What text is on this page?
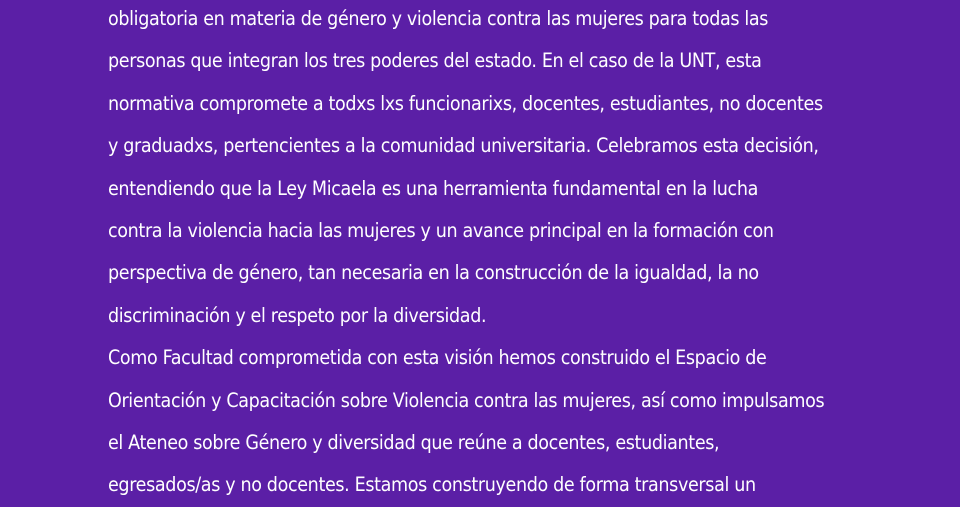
obligatoria en materia de género y violencia contra las mujeres para todas las
personas que integran los tres poderes del estado. En el caso de la UNT, esta
normativa compromete a todxs lxs funcionarixs, docentes, estudiantes, no docentes
y graduadxs, pertencientes a la comunidad universitaria. Celebramos esta decisión,
entendiendo que la Ley Micaela es una herramienta fundamental en la lucha
contra la violencia hacia las mujeres y un avance principal en la formación con
perspectiva de género, tan necesaria en la construcción de la igualdad, la no
discriminación y el respeto por la diversidad.
Como Facultad comprometida con esta visión hemos construido el Espacio de
Orientación y Capacitación sobre Violencia contra las mujeres, así como impulsamos
el Ateneo sobre Género y diversidad que reúne a docentes, estudiantes,
egresados/as y no docentes. Estamos construyendo de forma transversal un
